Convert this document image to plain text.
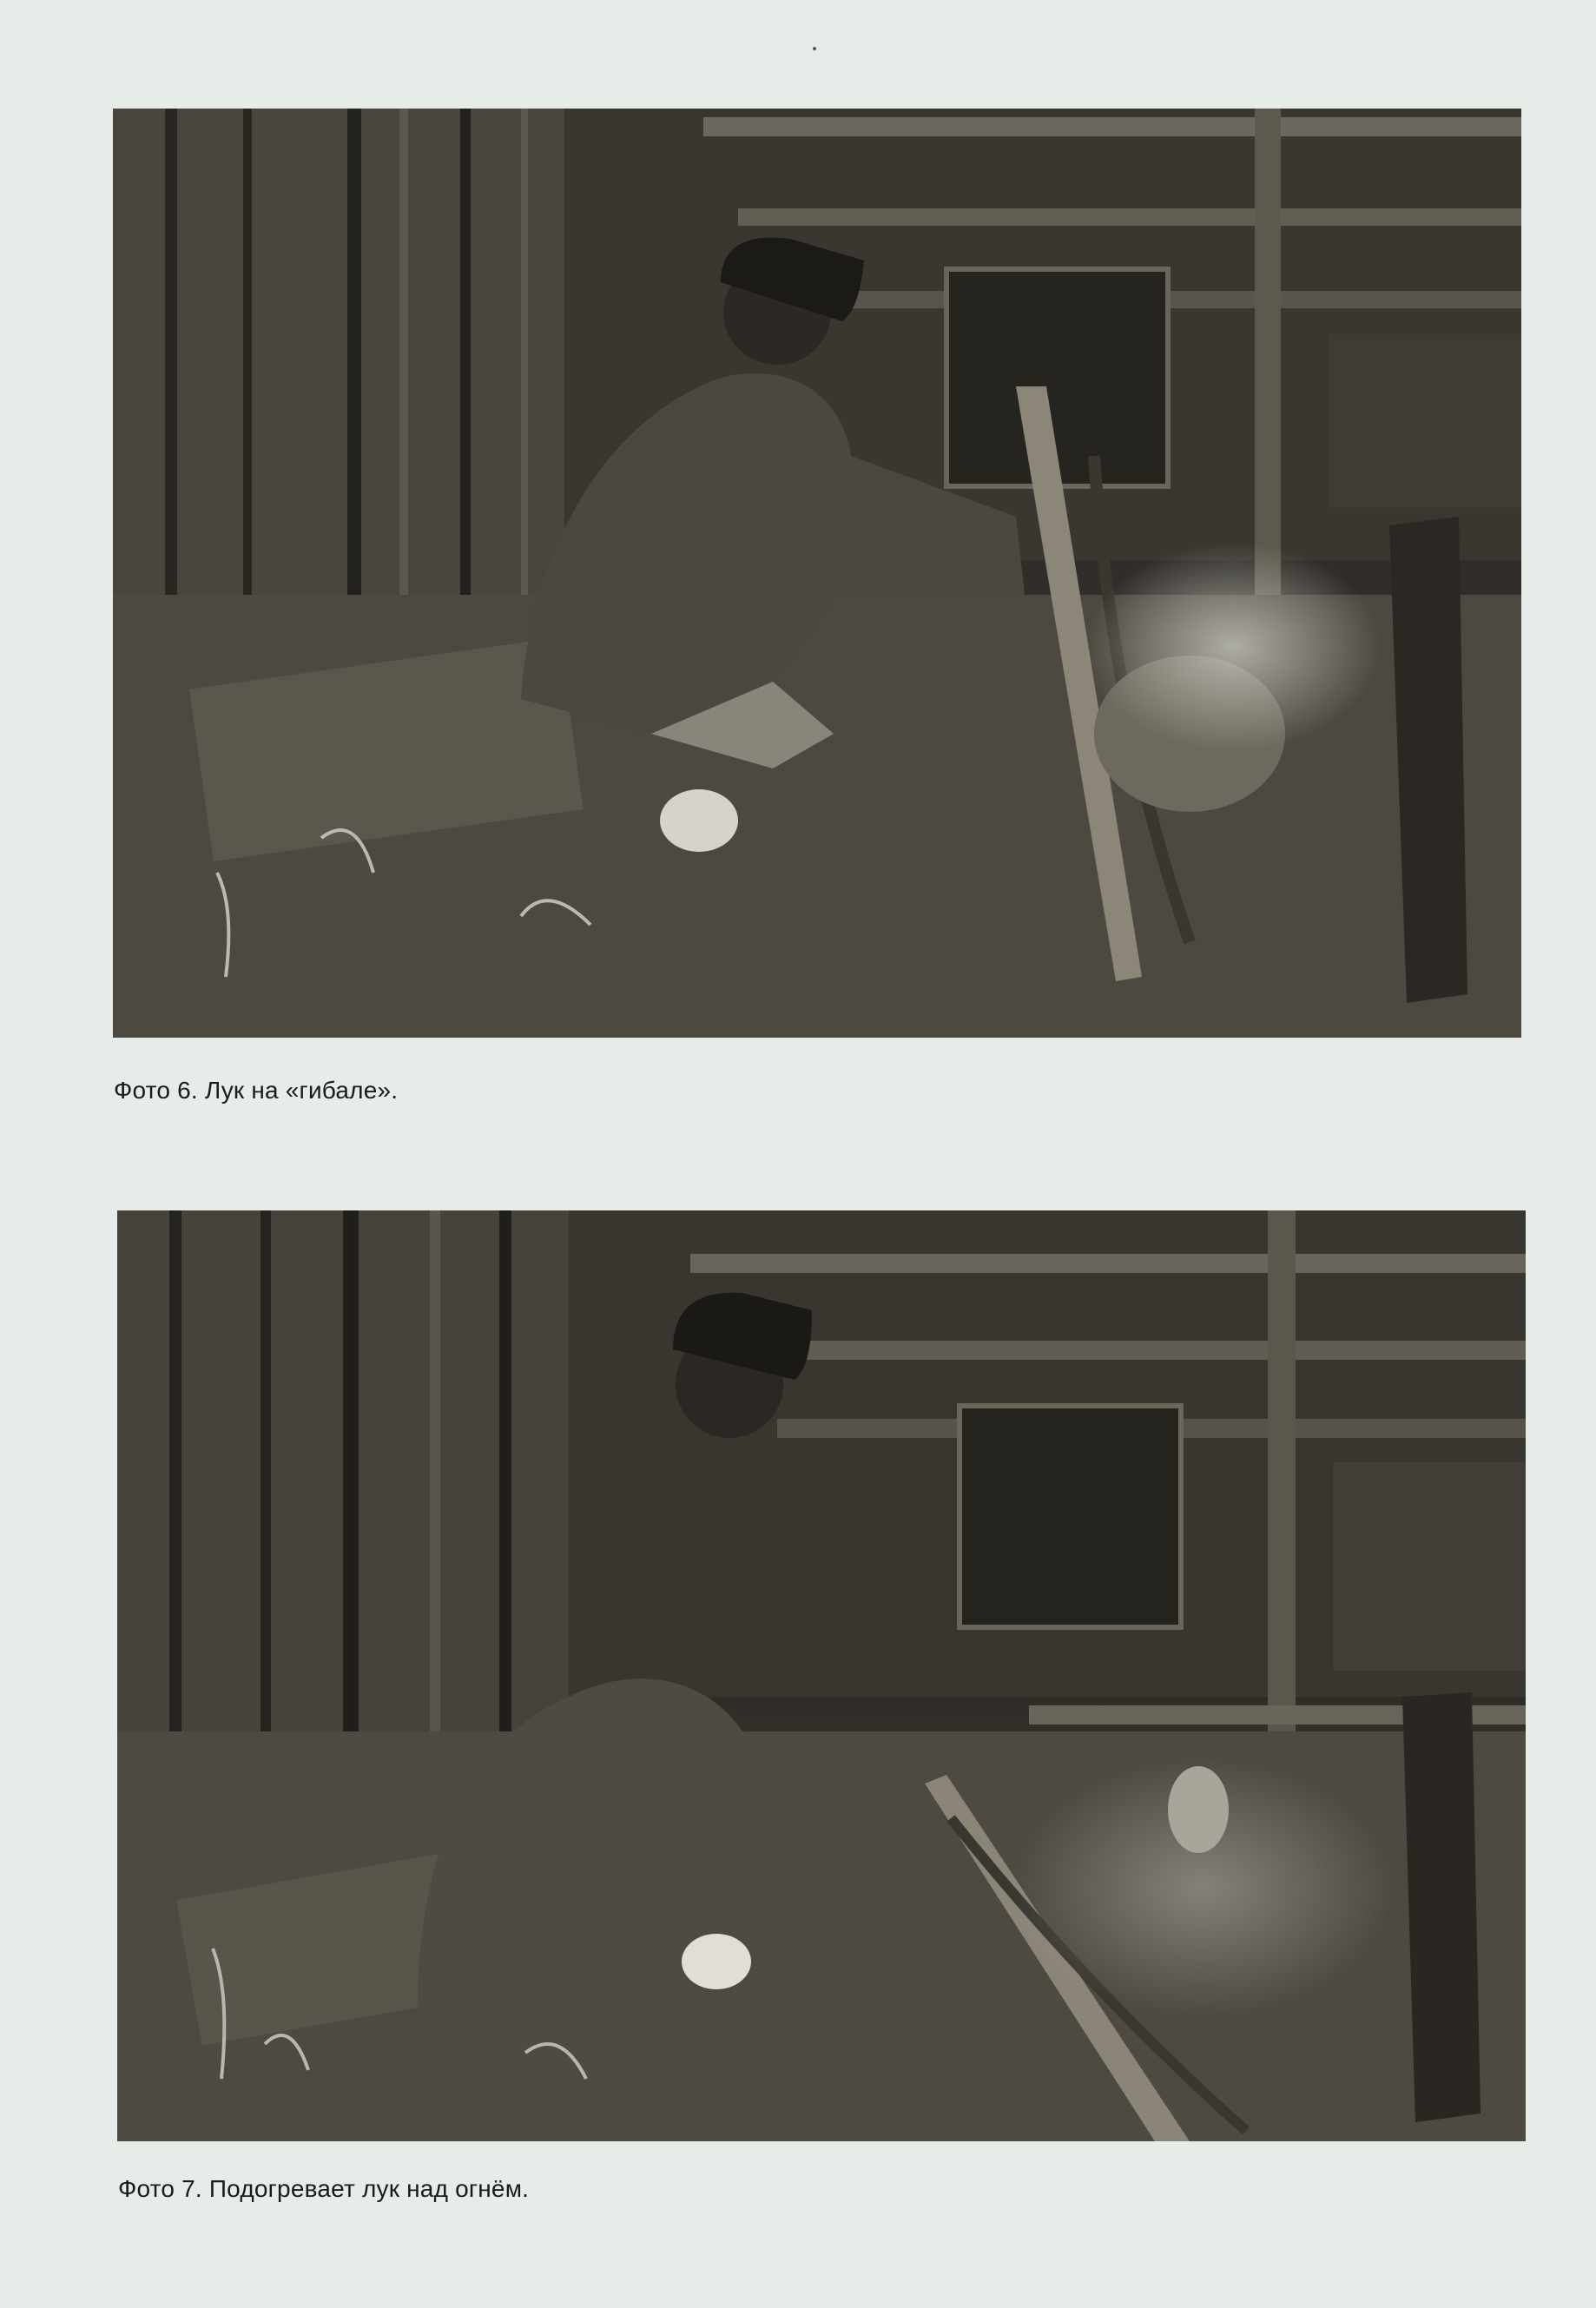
Фото 6. Лук на «гибале».
Фото 7. Подогревает лук над огнём.
